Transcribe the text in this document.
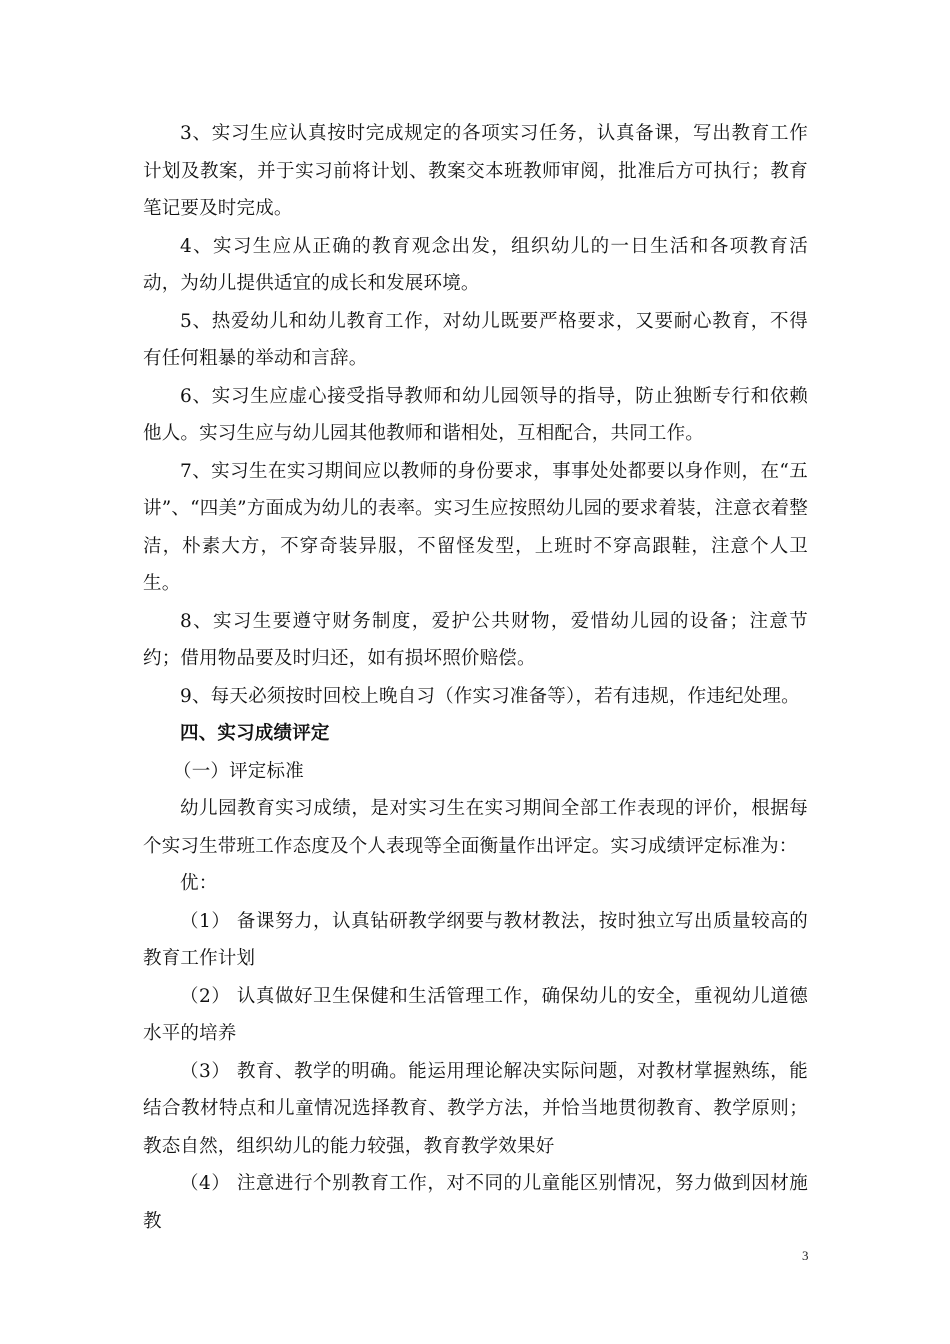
3、实习生应认真按时完成规定的各项实习任务，认真备课，写出教育工作计划及教案，并于实习前将计划、教案交本班教师审阅，批准后方可执行；教育笔记要及时完成。

4、实习生应从正确的教育观念出发，组织幼儿的一日生活和各项教育活动，为幼儿提供适宜的成长和发展环境。

5、热爱幼儿和幼儿教育工作，对幼儿既要严格要求，又要耐心教育，不得有任何粗暴的举动和言辞。

6、实习生应虚心接受指导教师和幼儿园领导的指导，防止独断专行和依赖他人。实习生应与幼儿园其他教师和谐相处，互相配合，共同工作。

7、实习生在实习期间应以教师的身份要求，事事处处都要以身作则，在“五讲”、“四美”方面成为幼儿的表率。实习生应按照幼儿园的要求着装，注意衣着整洁，朴素大方，不穿奇装异服，不留怪发型，上班时不穿高跟鞋，注意个人卫生。

8、实习生要遵守财务制度，爱护公共财物，爱惜幼儿园的设备；注意节约；借用物品要及时归还，如有损坏照价赔偿。

9、每天必须按时回校上晚自习（作实习准备等），若有违规，作违纪处理。

四、实习成绩评定

（一）评定标准

幼儿园教育实习成绩，是对实习生在实习期间全部工作表现的评价，根据每个实习生带班工作态度及个人表现等全面衡量作出评定。实习成绩评定标准为：

优：

（1） 备课努力，认真钻研教学纲要与教材教法，按时独立写出质量较高的教育工作计划

（2） 认真做好卫生保健和生活管理工作，确保幼儿的安全，重视幼儿道德水平的培养

（3） 教育、教学的明确。能运用理论解决实际问题，对教材掌握熟练，能结合教材特点和儿童情况选择教育、教学方法，并恰当地贯彻教育、教学原则；教态自然，组织幼儿的能力较强，教育教学效果好

（4） 注意进行个别教育工作，对不同的儿童能区别情况，努力做到因材施教

3
